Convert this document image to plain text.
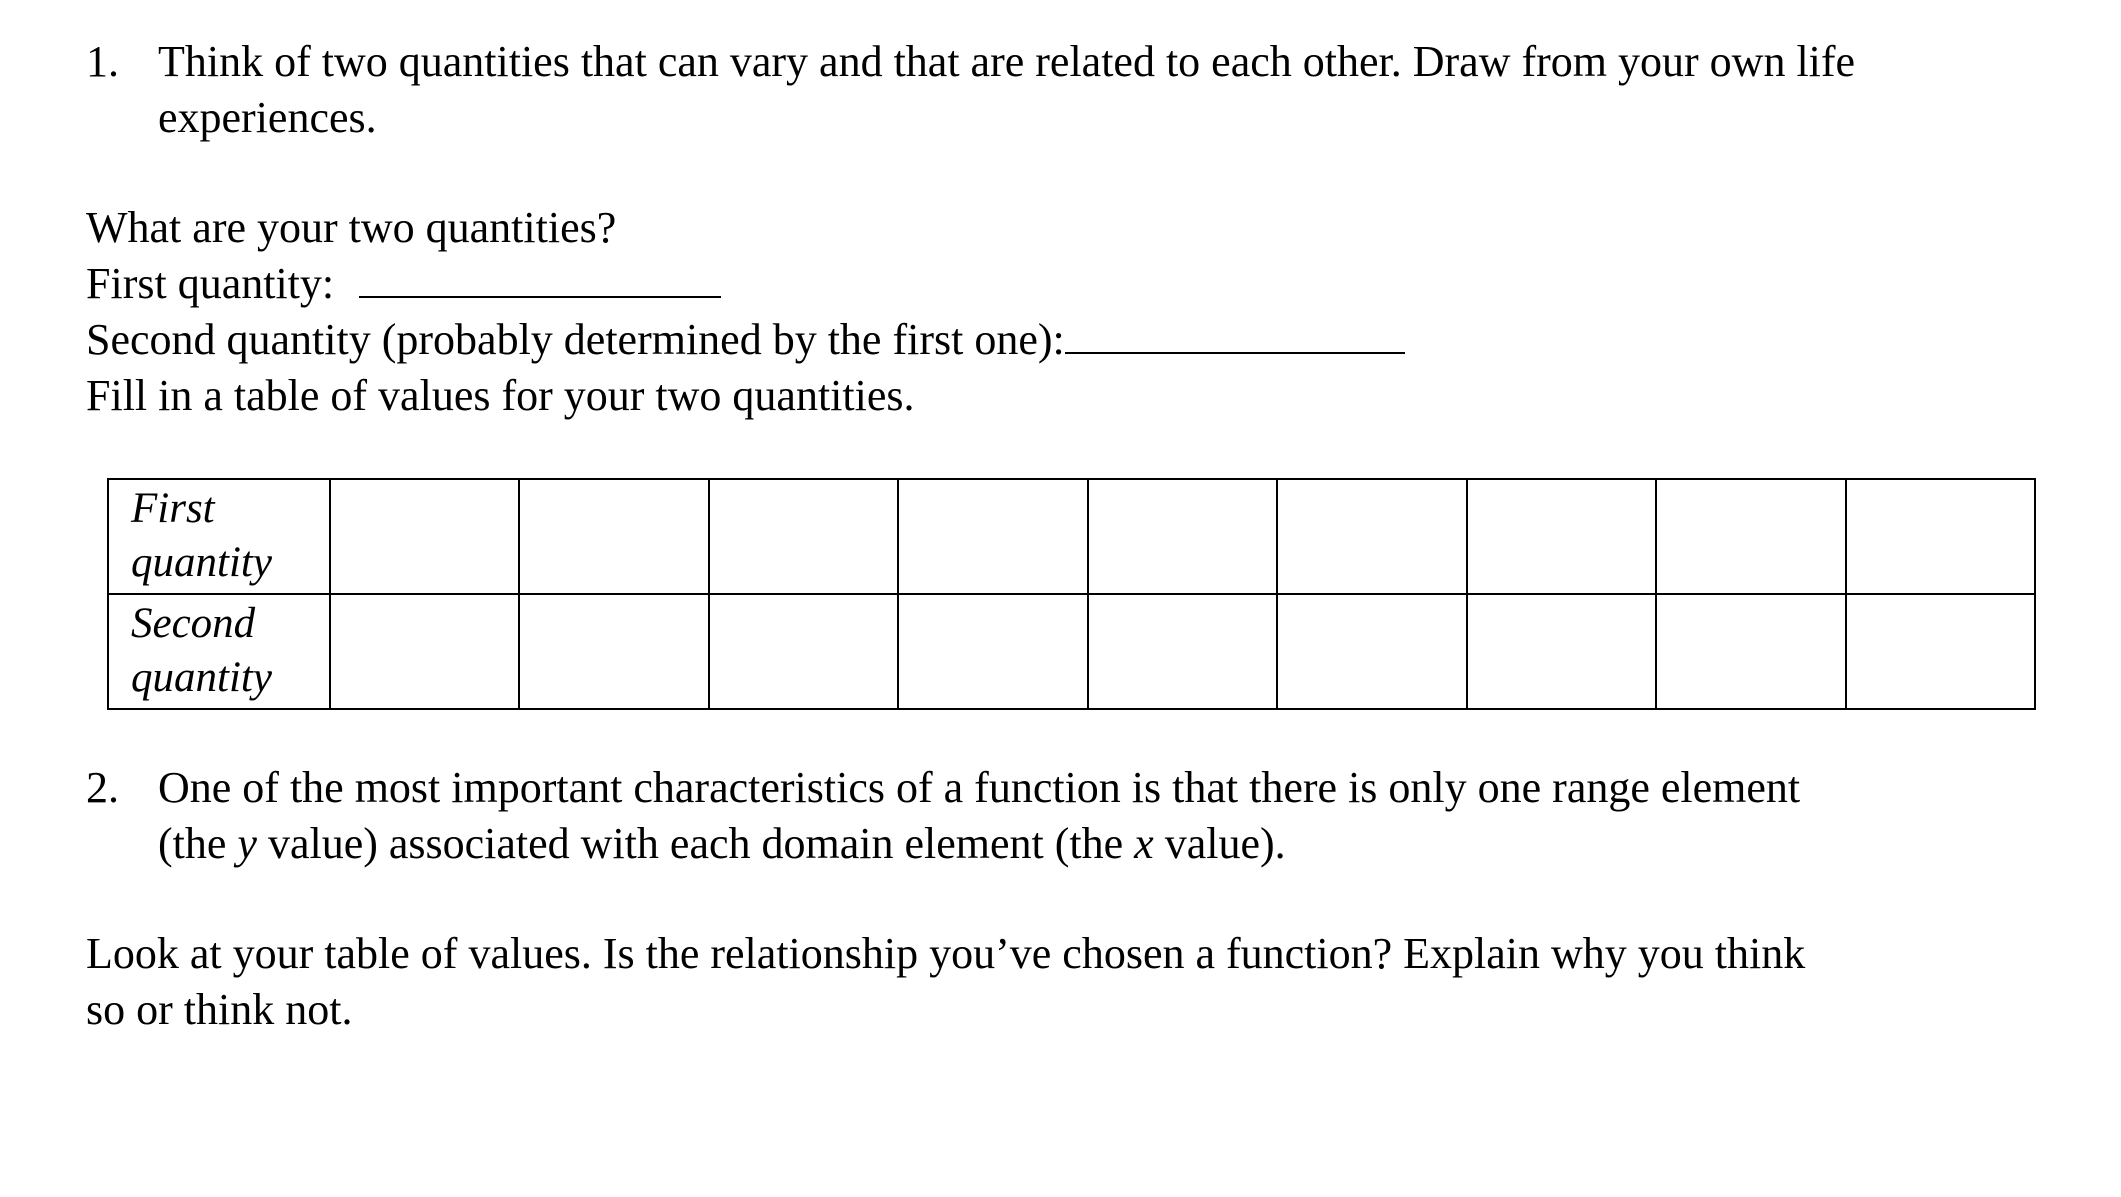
1. Think of two quantities that can vary and that are related to each other. Draw from your own life
experiences.
What are your two quantities?
First quantity:
Second quantity (probably determined by the first one):
Fill in a table of values for your two quantities.
First
quantity									

Second
quantity									

2. One of the most important characteristics of a function is that there is only one range element
(the y value) associated with each domain element (the x value).
Look at your table of values. Is the relationship you’ve chosen a function? Explain why you think
so or think not.
